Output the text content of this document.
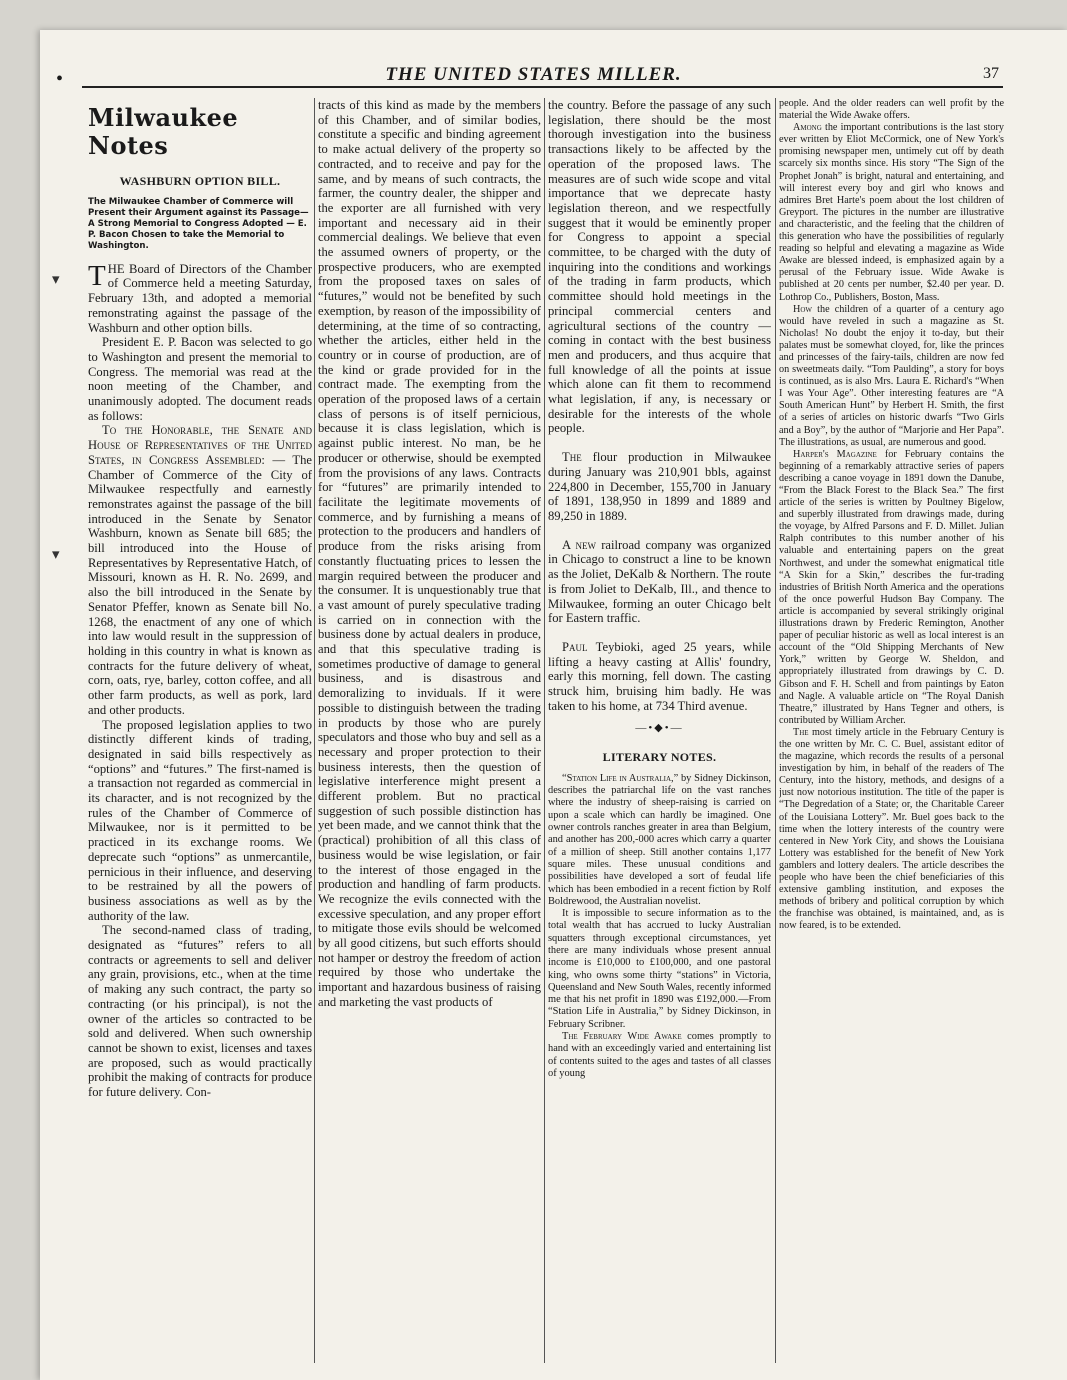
•	THE UNITED STATES MILLER.	37
▾
▾
Milwaukee Notes
WASHBURN OPTION BILL.
The Milwaukee Chamber of Commerce will Present their Argument against its Passage—A Strong Memorial to Congress Adopted — E. P. Bacon Chosen to take the Memorial to Washington.

THE Board of Directors of the Chamber of Commerce held a meeting Saturday, February 13th, and adopted a memorial remonstrating against the passage of the Washburn and other option bills.

President E. P. Bacon was selected to go to Washington and present the memorial to Congress. The memorial was read at the noon meeting of the Chamber, and unanimously adopted. The document reads as follows:

To the Honorable, the Senate and House of Representatives of the United States, in Congress Assembled: — The Chamber of Commerce of the City of Milwaukee respectfully and earnestly remonstrates against the passage of the bill introduced in the Senate by Senator Washburn, known as Senate bill 685; the bill introduced into the House of Representatives by Representative Hatch, of Missouri, known as H. R. No. 2699, and also the bill introduced in the Senate by Senator Pfeffer, known as Senate bill No. 1268, the enactment of any one of which into law would result in the suppression of holding in this country in what is known as contracts for the future delivery of wheat, corn, oats, rye, barley, cotton coffee, and all other farm products, as well as pork, lard and other products.

The proposed legislation applies to two distinctly different kinds of trading, designated in said bills respectively as “options” and “futures.” The first-named is a transaction not regarded as commercial in its character, and is not recognized by the rules of the Chamber of Commerce of Milwaukee, nor is it permitted to be practiced in its exchange rooms. We deprecate such “options” as unmercantile, pernicious in their influence, and deserving to be restrained by all the powers of business associations as well as by the authority of the law.

The second-named class of trading, designated as “futures” refers to all contracts or agreements to sell and deliver any grain, provisions, etc., when at the time of making any such contract, the party so contracting (or his principal), is not the owner of the articles so contracted to be sold and delivered. When such ownership cannot be shown to exist, licenses and taxes are proposed, such as would practically prohibit the making of contracts for produce for future delivery. Con-

tracts of this kind as made by the members of this Chamber, and of similar bodies, constitute a specific and binding agreement to make actual delivery of the property so contracted, and to receive and pay for the same, and by means of such contracts, the farmer, the country dealer, the shipper and the exporter are all furnished with very important and necessary aid in their commercial dealings. We believe that even the assumed owners of property, or the prospective producers, who are exempted from the proposed taxes on sales of “futures,” would not be benefited by such exemption, by reason of the impossibility of determining, at the time of so contracting, whether the articles, either held in the country or in course of production, are of the kind or grade provided for in the contract made. The exempting from the operation of the proposed laws of a certain class of persons is of itself pernicious, because it is class legislation, which is against public interest. No man, be he producer or otherwise, should be exempted from the provisions of any laws. Contracts for “futures” are primarily intended to facilitate the legitimate movements of commerce, and by furnishing a means of protection to the producers and handlers of produce from the risks arising from constantly fluctuating prices to lessen the margin required between the producer and the consumer. It is unquestionably true that a vast amount of purely speculative trading is carried on in connection with the business done by actual dealers in produce, and that this speculative trading is sometimes productive of damage to general business, and is disastrous and demoralizing to inviduals. If it were possible to distinguish between the trading in products by those who are purely speculators and those who buy and sell as a necessary and proper protection to their business interests, then the question of legislative interference might present a different problem. But no practical suggestion of such possible distinction has yet been made, and we cannot think that the (practical) prohibition of all this class of business would be wise legislation, or fair to the interest of those engaged in the production and handling of farm products. We recognize the evils connected with the excessive speculation, and any proper effort to mitigate those evils should be welcomed by all good citizens, but such efforts should not hamper or destroy the freedom of action required by those who undertake the important and hazardous business of raising and marketing the vast products of

the country. Before the passage of any such legislation, there should be the most thorough investigation into the business transactions likely to be affected by the operation of the proposed laws. The measures are of such wide scope and vital importance that we deprecate hasty legislation thereon, and we respectfully suggest that it would be eminently proper for Congress to appoint a special committee, to be charged with the duty of inquiring into the conditions and workings of the trading in farm products, which committee should hold meetings in the principal commercial centers and agricultural sections of the country — coming in contact with the best business men and producers, and thus acquire that full knowledge of all the points at issue which alone can fit them to recommend what legislation, if any, is necessary or desirable for the interests of the whole people.

The flour production in Milwaukee during January was 210,901 bbls, against 224,800 in December, 155,700 in January of 1891, 138,950 in 1899 and 1889 and 89,250 in 1889.

A new railroad company was organized in Chicago to construct a line to be known as the Joliet, DeKalb & Northern. The route is from Joliet to DeKalb, Ill., and thence to Milwaukee, forming an outer Chicago belt for Eastern traffic.

Paul Teybioki, aged 25 years, while lifting a heavy casting at Allis' foundry, early this morning, fell down. The casting struck him, bruising him badly. He was taken to his home, at 734 Third avenue.

—•◆•—
LITERARY NOTES.

“Station Life in Australia,” by Sidney Dickinson, describes the patriarchal life on the vast ranches where the industry of sheep-raising is carried on upon a scale which can hardly be imagined. One owner controls ranches greater in area than Belgium, and another has 200,-000 acres which carry a quarter of a million of sheep. Still another contains 1,177 square miles. These unusual conditions and possibilities have developed a sort of feudal life which has been embodied in a recent fiction by Rolf Boldrewood, the Australian novelist.

It is impossible to secure information as to the total wealth that has accrued to lucky Australian squatters through exceptional circumstances, yet there are many individuals whose present annual income is £10,000 to £100,000, and one pastoral king, who owns some thirty “stations” in Victoria, Queensland and New South Wales, recently informed me that his net profit in 1890 was £192,000.—From “Station Life in Australia,” by Sidney Dickinson, in February Scribner.

The February Wide Awake comes promptly to hand with an exceedingly varied and entertaining list of contents suited to the ages and tastes of all classes of young

people. And the older readers can well profit by the material the Wide Awake offers.

Among the important contributions is the last story ever written by Eliot McCormick, one of New York's promising newspaper men, untimely cut off by death scarcely six months since. His story “The Sign of the Prophet Jonah” is bright, natural and entertaining, and will interest every boy and girl who knows and admires Bret Harte's poem about the lost children of Greyport. The pictures in the number are illustrative and characteristic, and the feeling that the children of this generation who have the possibilities of regularly reading so helpful and elevating a magazine as Wide Awake are blessed indeed, is emphasized again by a perusal of the February issue. Wide Awake is published at 20 cents per number, $2.40 per year. D. Lothrop Co., Publishers, Boston, Mass.

How the children of a quarter of a century ago would have reveled in such a magazine as St. Nicholas! No doubt the enjoy it to-day, but their palates must be somewhat cloyed, for, like the princes and princesses of the fairy-tails, children are now fed on sweetmeats daily. “Tom Paulding”, a story for boys is continued, as is also Mrs. Laura E. Richard's “When I was Your Age”. Other interesting features are “A South American Hunt” by Herbert H. Smith, the first of a series of articles on historic dwarfs “Two Girls and a Boy”, by the author of “Marjorie and Her Papa”. The illustrations, as usual, are numerous and good.

Harper's Magazine for February contains the beginning of a remarkably attractive series of papers describing a canoe voyage in 1891 down the Danube, “From the Black Forest to the Black Sea.” The first article of the series is written by Poultney Bigelow, and superbly illustrated from drawings made, during the voyage, by Alfred Parsons and F. D. Millet. Julian Ralph contributes to this number another of his valuable and entertaining papers on the great Northwest, and under the somewhat enigmatical title “A Skin for a Skin,” describes the fur-trading industries of British North America and the operations of the once powerful Hudson Bay Company. The article is accompanied by several strikingly original illustrations drawn by Frederic Remington, Another paper of peculiar historic as well as local interest is an account of the “Old Shipping Merchants of New York,” written by George W. Sheldon, and appropriately illustrated from drawings by C. D. Gibson and F. H. Schell and from paintings by Eaton and Nagle. A valuable article on “The Royal Danish Theatre,” illustrated by Hans Tegner and others, is contributed by William Archer.

The most timely article in the February Century is the one written by Mr. C. C. Buel, assistant editor of the magazine, which records the results of a personal investigation by him, in behalf of the readers of The Century, into the history, methods, and designs of a just now notorious institution. The title of the paper is “The Degredation of a State; or, the Charitable Career of the Louisiana Lottery”. Mr. Buel goes back to the time when the lottery interests of the country were centered in New York City, and shows the Louisiana Lottery was established for the benefit of New York gamblers and lottery dealers. The article describes the people who have been the chief beneficiaries of this extensive gambling institution, and exposes the methods of bribery and political corruption by which the franchise was obtained, is maintained, and, as is now feared, is to be extended.
